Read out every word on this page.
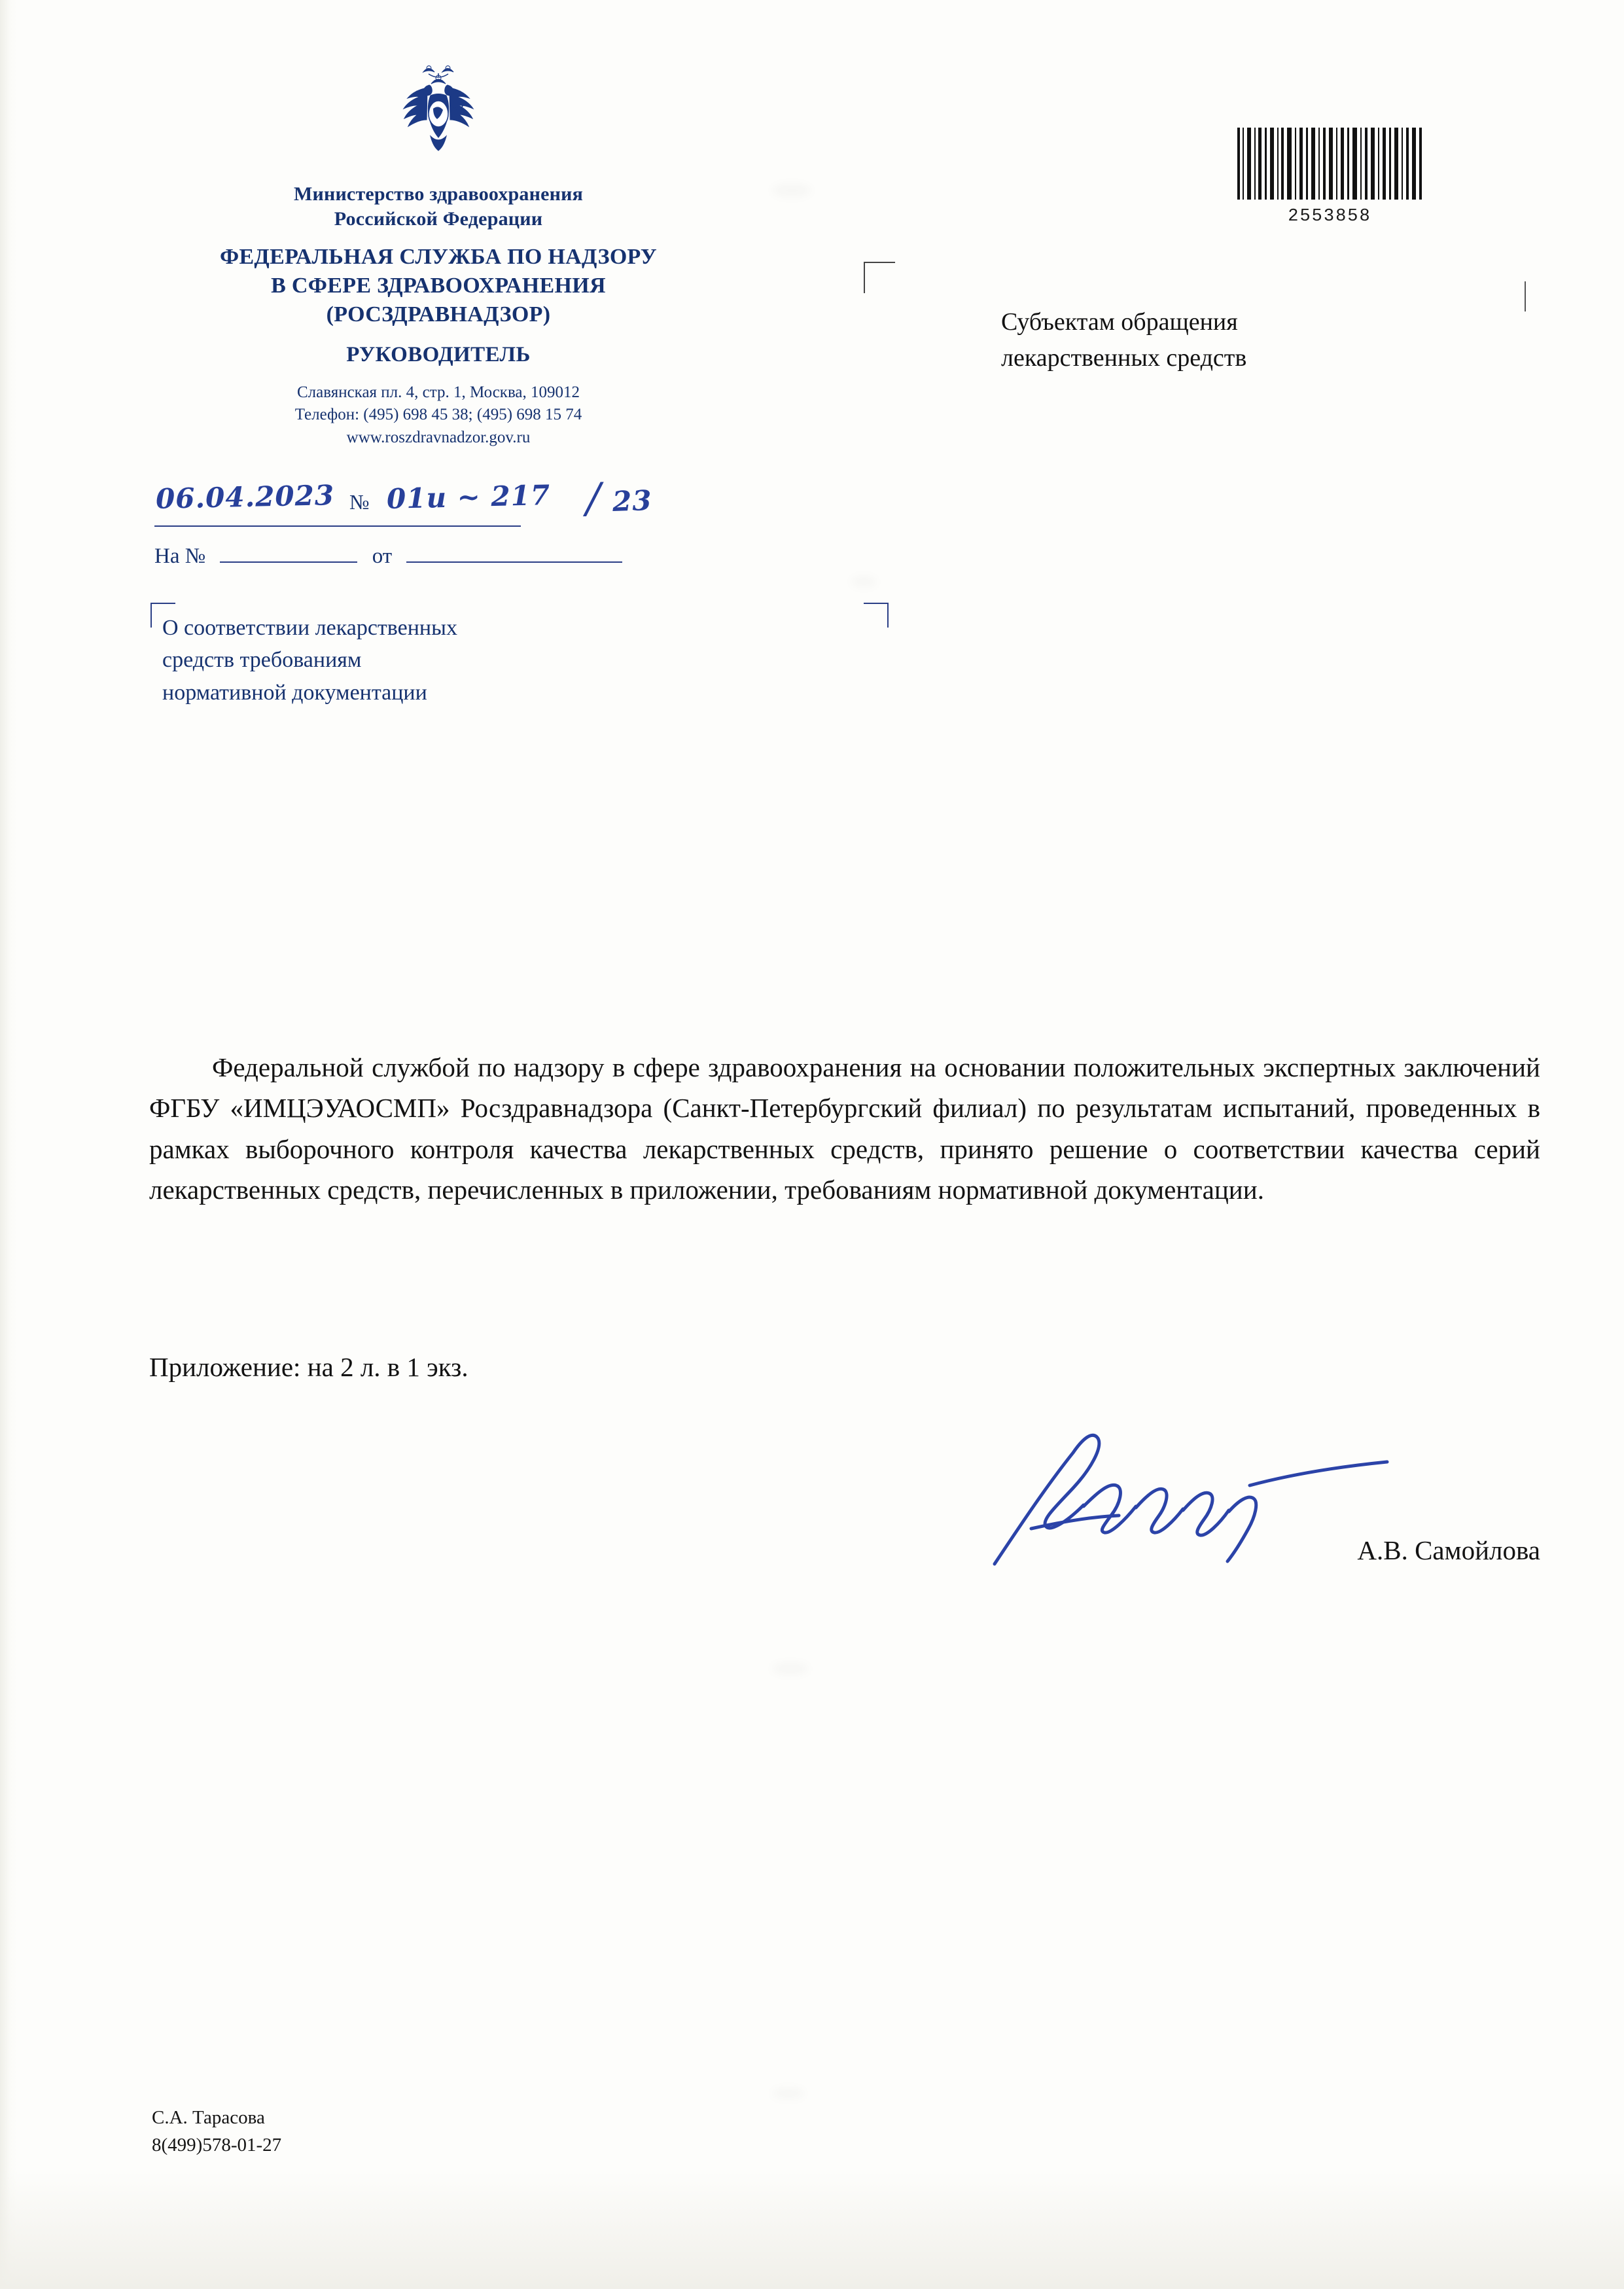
Министерство здравоохранения
Российской Федерации
ФЕДЕРАЛЬНАЯ СЛУЖБА ПО НАДЗОРУ
В СФЕРЕ ЗДРАВООХРАНЕНИЯ
(РОСЗДРАВНАДЗОР)
РУКОВОДИТЕЛЬ
Славянская пл. 4, стр. 1, Москва, 109012
Телефон: (495) 698 45 38; (495) 698 15 74
www.roszdravnadzor.gov.ru
06.04.2023 № 01и ~ 217 / 23
На №	от
О соответствии лекарственных
средств требованиям
нормативной документации
2553858
Субъектам обращения
лекарственных средств

Федеральной службой по надзору в сфере здравоохранения на основании положительных экспертных заключений ФГБУ «ИМЦЭУАОСМП» Росздравнадзора (Санкт-Петербургский филиал) по результатам испытаний, проведенных в рамках выборочного контроля качества лекарственных средств, принято решение о соответствии качества серий лекарственных средств, перечисленных в приложении, требованиям нормативной документации.

Приложение: на 2 л. в 1 экз.
А.В. Самойлова
С.А. Тарасова
8(499)578-01-27
